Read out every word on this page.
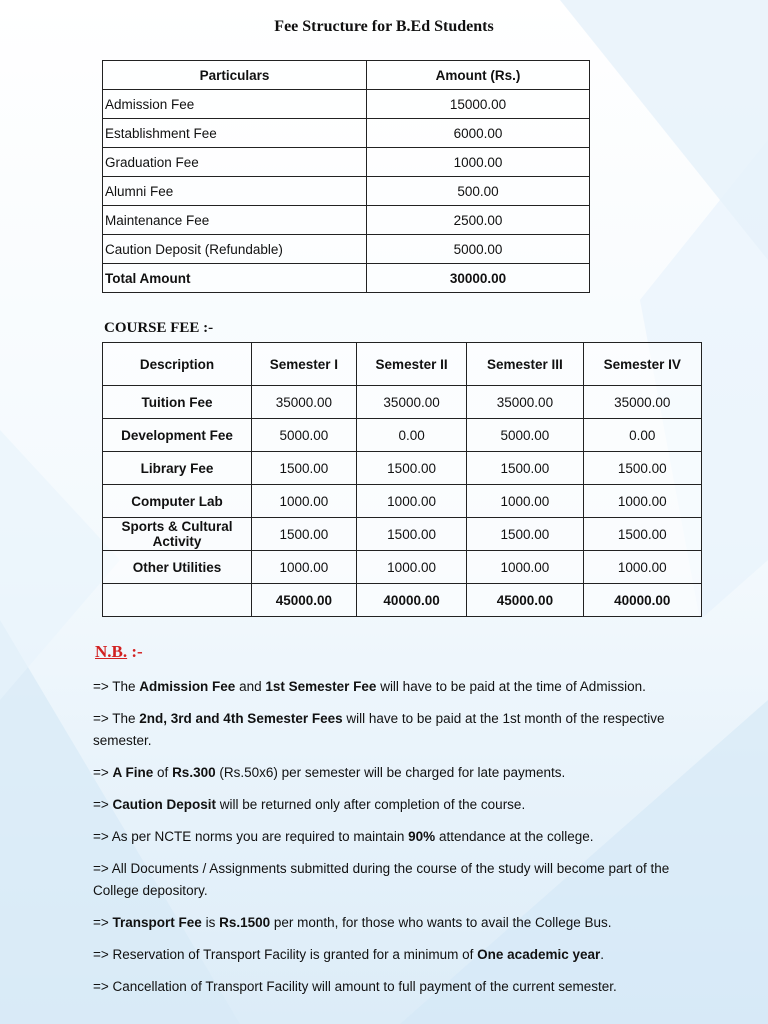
Fee Structure for B.Ed Students
Particulars	Amount (Rs.)
Admission Fee	15000.00
Establishment Fee	6000.00
Graduation Fee	1000.00
Alumni Fee	500.00
Maintenance Fee	2500.00
Caution Deposit (Refundable)	5000.00
Total Amount	30000.00
COURSE FEE :-
Description	Semester I	Semester II	Semester III	Semester IV
Tuition Fee	35000.00	35000.00	35000.00	35000.00
Development Fee	5000.00	0.00	5000.00	0.00
Library Fee	1500.00	1500.00	1500.00	1500.00
Computer Lab	1000.00	1000.00	1000.00	1000.00
Sports & Cultural Activity	1500.00	1500.00	1500.00	1500.00
Other Utilities	1000.00	1000.00	1000.00	1000.00
	45000.00	40000.00	45000.00	40000.00
N.B. :-
=> The Admission Fee and 1st Semester Fee will have to be paid at the time of Admission.
=> The 2nd, 3rd and 4th Semester Fees will have to be paid at the 1st month of the respective semester.
=> A Fine of Rs.300 (Rs.50x6) per semester will be charged for late payments.
=> Caution Deposit will be returned only after completion of the course.
=> As per NCTE norms you are required to maintain 90% attendance at the college.
=> All Documents / Assignments submitted during the course of the study will become part of the College depository.
=> Transport Fee is Rs.1500 per month, for those who wants to avail the College Bus.
=> Reservation of Transport Facility is granted for a minimum of One academic year.
=> Cancellation of Transport Facility will amount to full payment of the current semester.
